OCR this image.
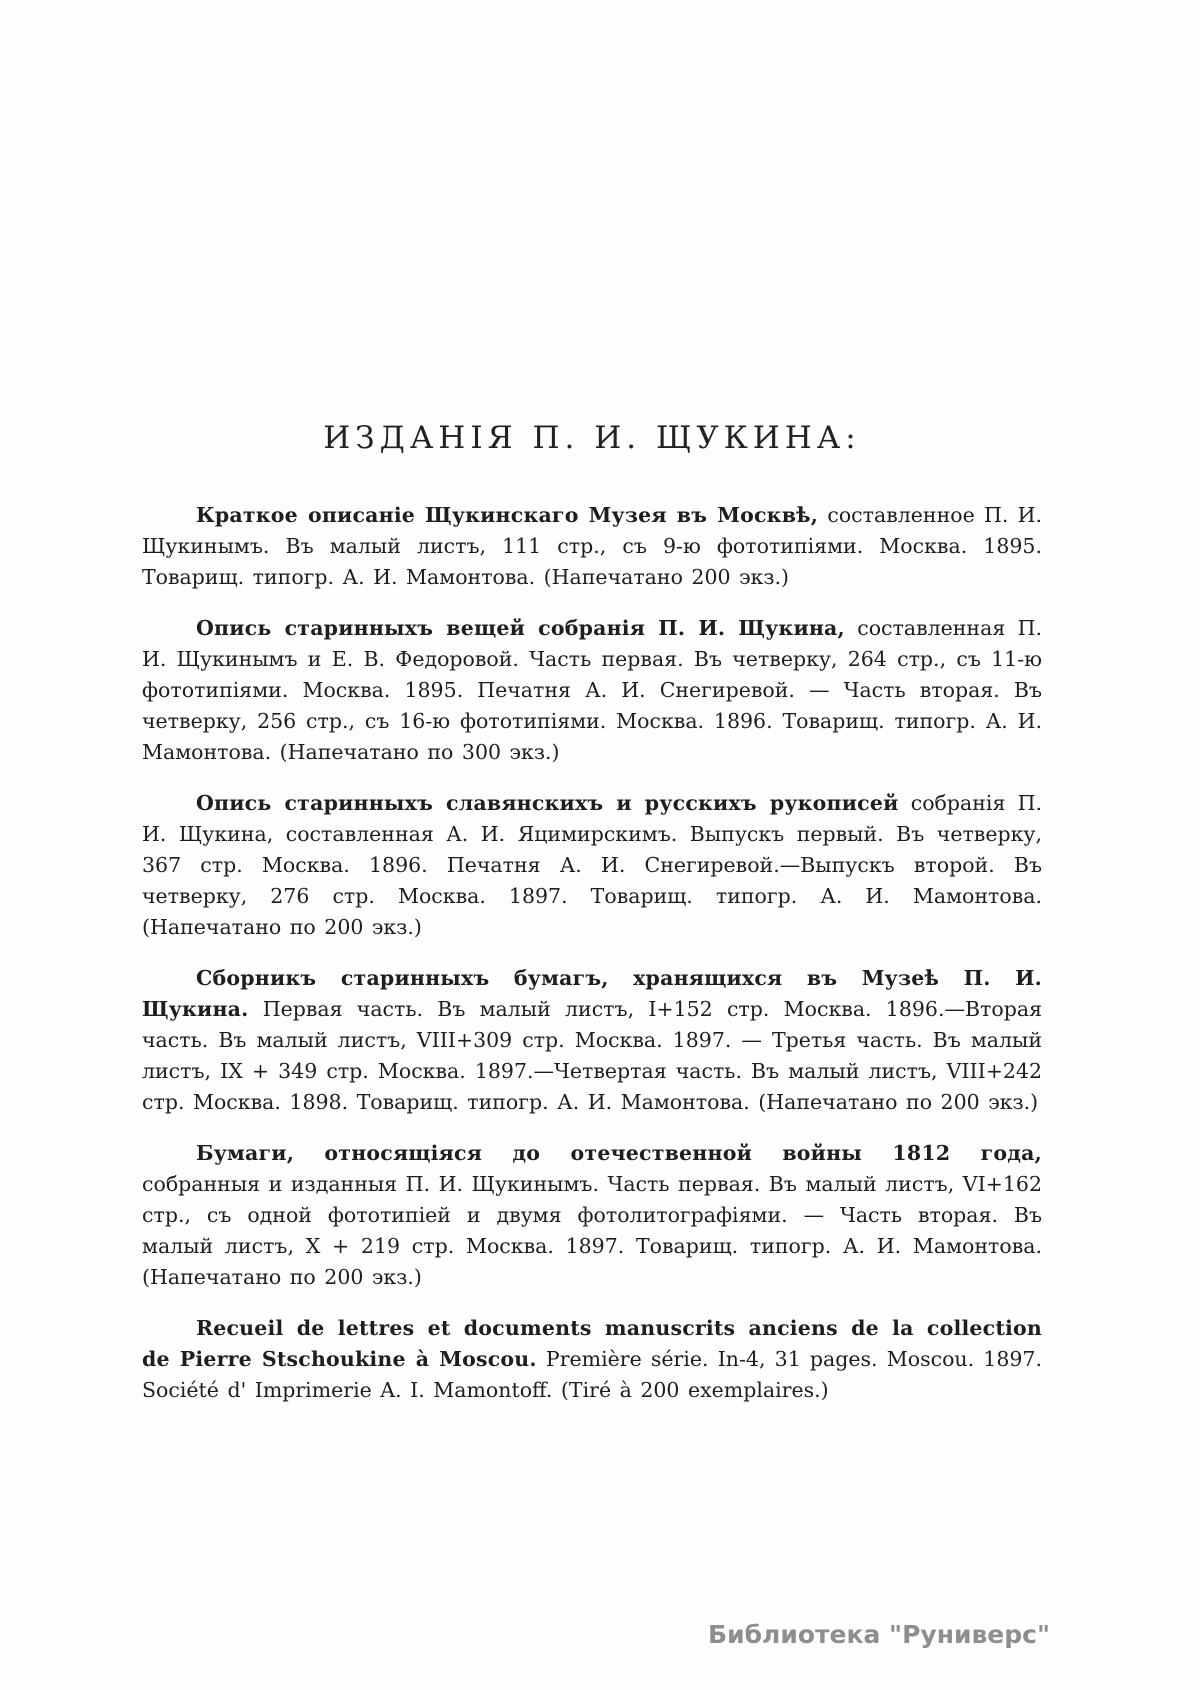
ИЗДАНІЯ П. И. ЩУКИНА:

Краткое описаніе Щукинскаго Музея въ Москвѣ, составленное П. И. Щукинымъ. Въ малый листъ, 111 стр., съ 9-ю фототипіями. Москва. 1895. Товарищ. типогр. А. И. Мамонтова. (Напечатано 200 экз.)

Опись старинныхъ вещей собранія П. И. Щукина, составленная П. И. Щукинымъ и Е. В. Федоровой. Часть первая. Въ четверку, 264 стр., съ 11-ю фототипіями. Москва. 1895. Печатня А. И. Снегиревой. — Часть вторая. Въ четверку, 256 стр., съ 16-ю фототипіями. Москва. 1896. Товарищ. типогр. А. И. Мамонтова. (Напечатано по 300 экз.)

Опись старинныхъ славянскихъ и русскихъ рукописей собранія П. И. Щукина, составленная А. И. Яцимирскимъ. Выпускъ первый. Въ четверку, 367 стр. Москва. 1896. Печатня А. И. Снегиревой.—Выпускъ второй. Въ четверку, 276 стр. Москва. 1897. Товарищ. типогр. А. И. Мамонтова. (Напечатано по 200 экз.)

Сборникъ старинныхъ бумагъ, хранящихся въ Музеѣ П. И. Щукина. Первая часть. Въ малый листъ, I+152 стр. Москва. 1896.—Вторая часть. Въ малый листъ, VIII+309 стр. Москва. 1897. — Третья часть. Въ малый листъ, IX + 349 стр. Москва. 1897.—Четвертая часть. Въ малый листъ, VIII+242 стр. Москва. 1898. Товарищ. типогр. А. И. Мамонтова. (Напечатано по 200 экз.)

Бумаги, относящіяся до отечественной войны 1812 года, собранныя и изданныя П. И. Щукинымъ. Часть первая. Въ малый листъ, VI+162 стр., съ одной фототипіей и двумя фотолитографіями. — Часть вторая. Въ малый листъ, X + 219 стр. Москва. 1897. Товарищ. типогр. А. И. Мамонтова. (Напечатано по 200 экз.)

Recueil de lettres et documents manuscrits anciens de la collection de Pierre Stschoukine à Moscou. Première série. In-4, 31 pages. Moscou. 1897. Société d' Imprimerie A. I. Mamontoff. (Tiré à 200 exemplaires.)

Библиотека "Руниверс"
